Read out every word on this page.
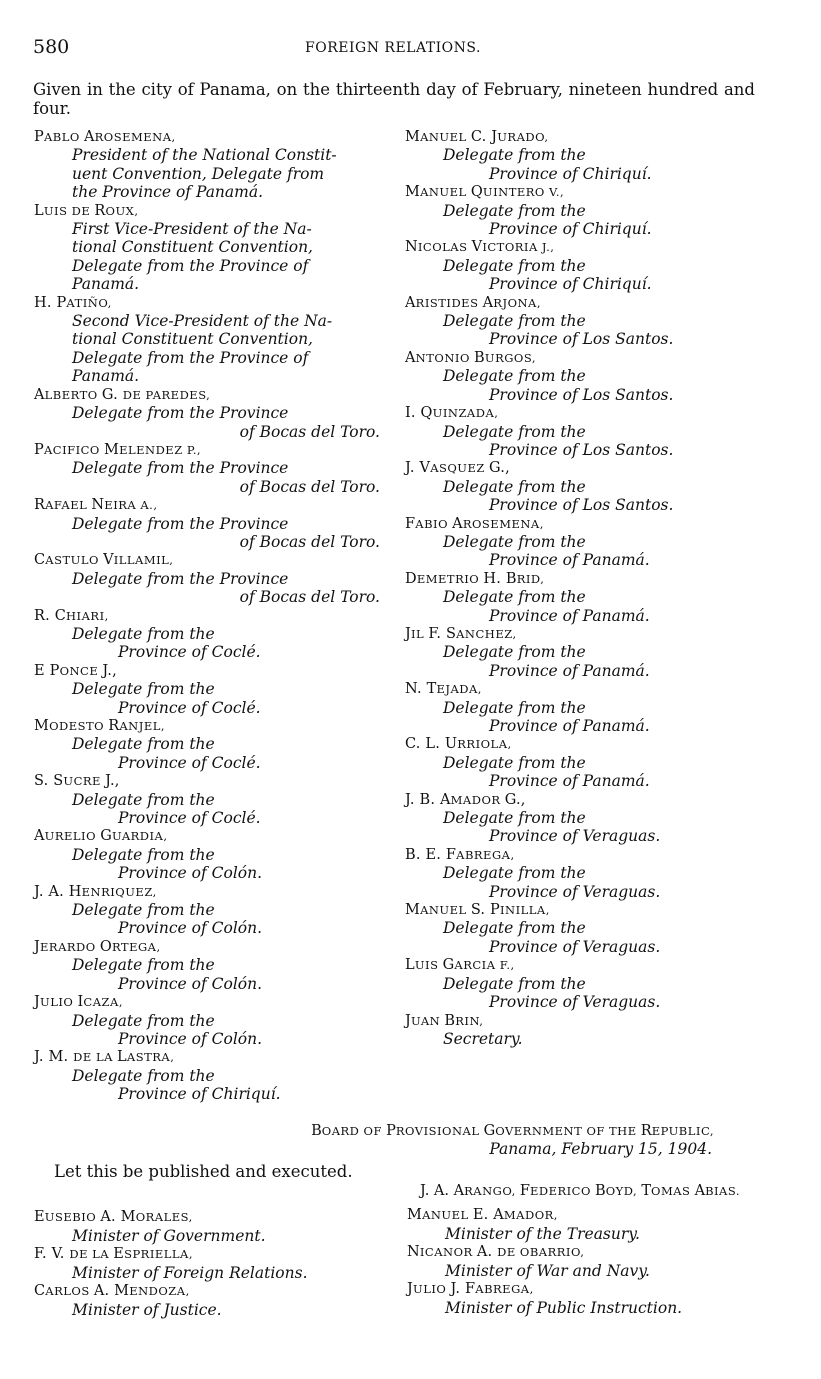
580	FOREIGN RELATIONS.

Given in the city of Panama, on the thirteenth day of February, nineteen hundred and four.

PABLO AROSEMENA,
President of the National Constit-
uent Convention, Delegate from
the Province of Panamá.
LUIS DE ROUX,
First Vice-President of the Na-
tional Constituent Convention,
Delegate from the Province of
Panamá.
H. PATIÑO,
Second Vice-President of the Na-
tional Constituent Convention,
Delegate from the Province of
Panamá.
ALBERTO G. DE PAREDES,
Delegate from the Province
of Bocas del Toro.
PACIFICO MELENDEZ P.,
Delegate from the Province
of Bocas del Toro.
RAFAEL NEIRA A.,
Delegate from the Province
of Bocas del Toro.
CASTULO VILLAMIL,
Delegate from the Province
of Bocas del Toro.
R. CHIARI,
Delegate from the
Province of Coclé.
E PONCE J.,
Delegate from the
Province of Coclé.
MODESTO RANJEL,
Delegate from the
Province of Coclé.
S. SUCRE J.,
Delegate from the
Province of Coclé.
AURELIO GUARDIA,
Delegate from the
Province of Colón.
J. A. HENRIQUEZ,
Delegate from the
Province of Colón.
JERARDO ORTEGA,
Delegate from the
Province of Colón.
JULIO ICAZA,
Delegate from the
Province of Colón.
J. M. DE LA LASTRA,
Delegate from the
Province of Chiriquí.
MANUEL C. JURADO,
Delegate from the
Province of Chiriquí.
MANUEL QUINTERO V.,
Delegate from the
Province of Chiriquí.
NICOLAS VICTORIA J.,
Delegate from the
Province of Chiriquí.
ARISTIDES ARJONA,
Delegate from the
Province of Los Santos.
ANTONIO BURGOS,
Delegate from the
Province of Los Santos.
I. QUINZADA,
Delegate from the
Province of Los Santos.
J. VASQUEZ G.,
Delegate from the
Province of Los Santos.
FABIO AROSEMENA,
Delegate from the
Province of Panamá.
DEMETRIO H. BRID,
Delegate from the
Province of Panamá.
JIL F. SANCHEZ,
Delegate from the
Province of Panamá.
N. TEJADA,
Delegate from the
Province of Panamá.
C. L. URRIOLA,
Delegate from the
Province of Panamá.
J. B. AMADOR G.,
Delegate from the
Province of Veraguas.
B. E. FABREGA,
Delegate from the
Province of Veraguas.
MANUEL S. PINILLA,
Delegate from the
Province of Veraguas.
LUIS GARCIA F.,
Delegate from the
Province of Veraguas.
JUAN BRIN,
Secretary.
BOARD OF PROVISIONAL GOVERNMENT OF THE REPUBLIC,
Panama, February 15, 1904.
Let this be published and executed.
J. A. ARANGO, FEDERICO BOYD, TOMAS ABIAS.
EUSEBIO A. MORALES,
Minister of Government.
F. V. DE LA ESPRIELLA,
Minister of Foreign Relations.
CARLOS A. MENDOZA,
Minister of Justice.
MANUEL E. AMADOR,
Minister of the Treasury.
NICANOR A. DE OBARRIO,
Minister of War and Navy.
JULIO J. FABREGA,
Minister of Public Instruction.
